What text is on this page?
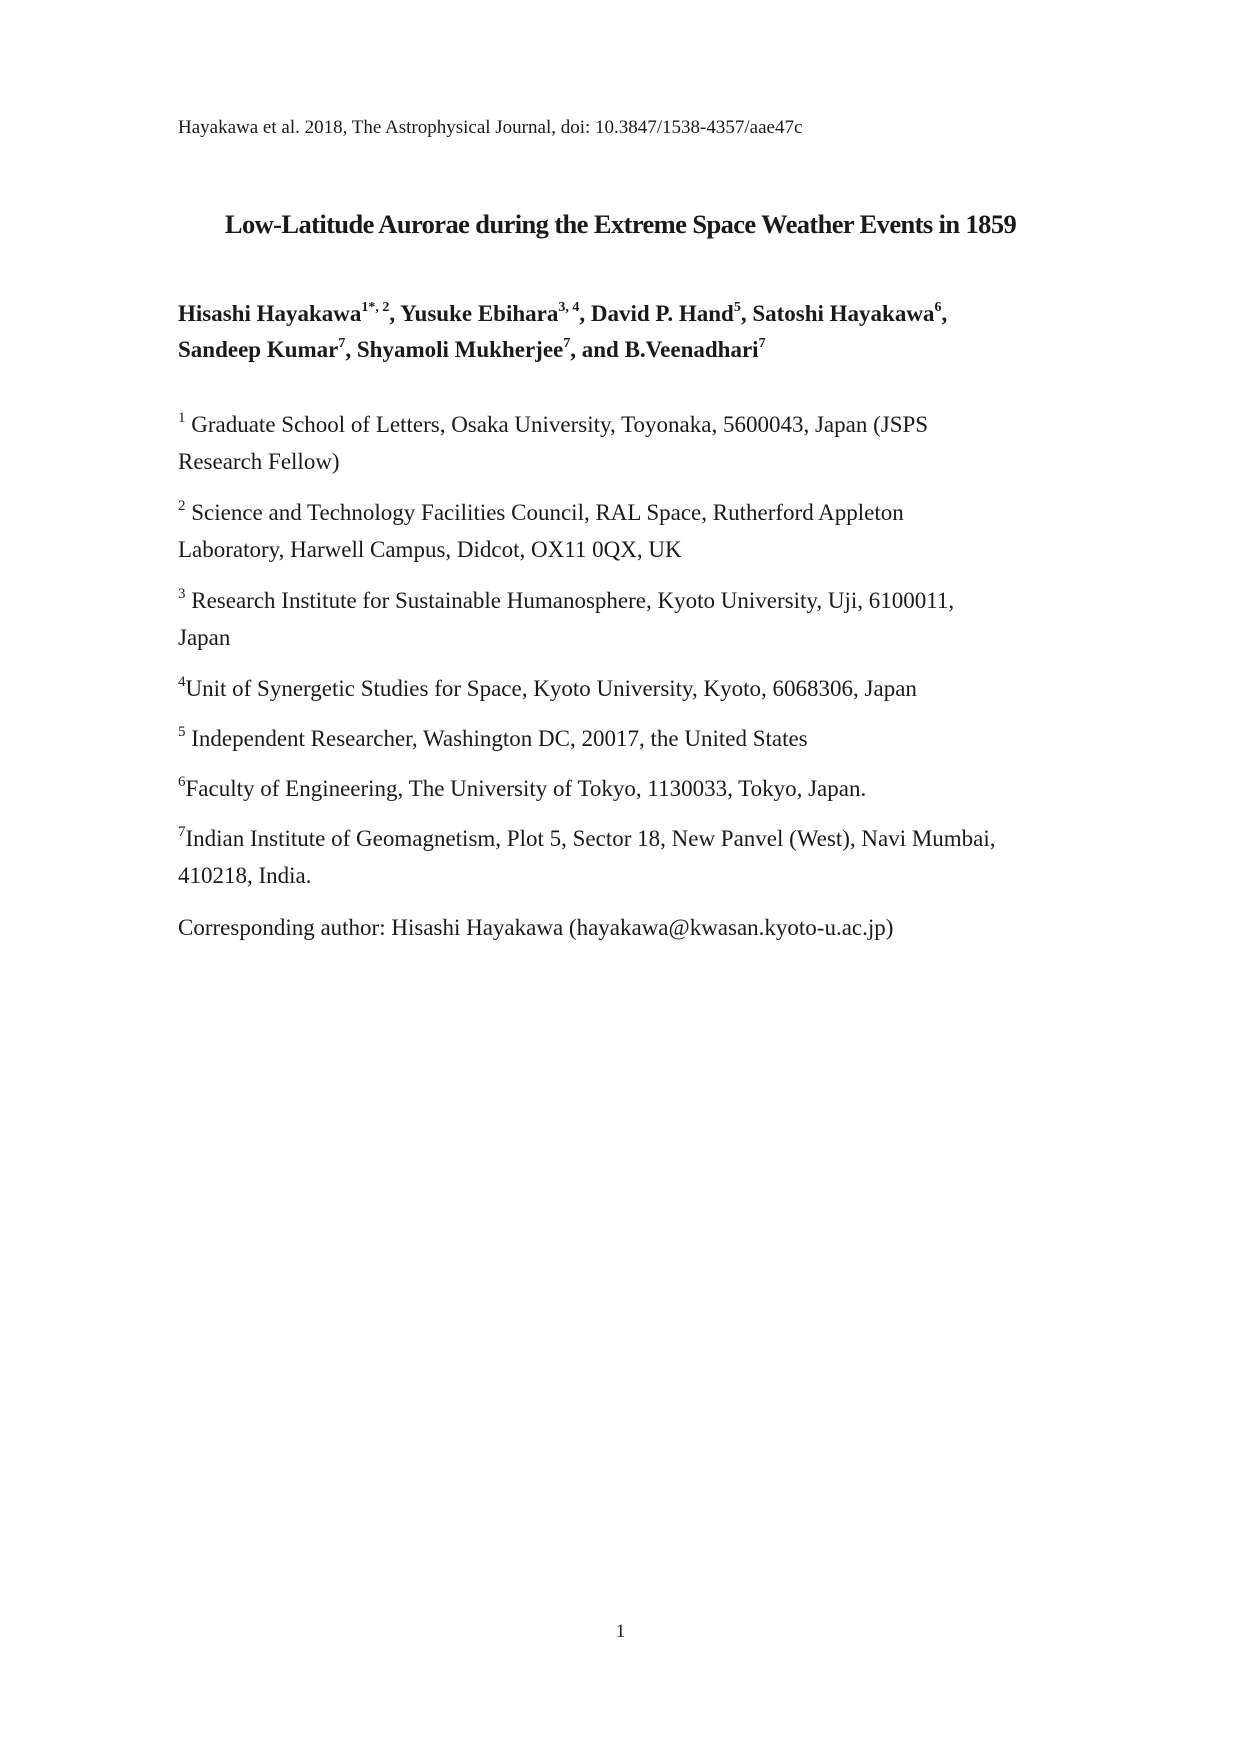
Hayakawa et al. 2018, The Astrophysical Journal, doi: 10.3847/1538-4357/aae47c
Low-Latitude Aurorae during the Extreme Space Weather Events in 1859
Hisashi Hayakawa$^{1*, 2}$, Yusuke Ebihara$^{3, 4}$, David P. Hand$^5$, Satoshi Hayakawa$^6$,
Sandeep Kumar$^7$, Shyamoli Mukherjee$^7$, and B.Veenadhari$^7$
$^1$ Graduate School of Letters, Osaka University, Toyonaka, 5600043, Japan (JSPS
Research Fellow)
$^2$ Science and Technology Facilities Council, RAL Space, Rutherford Appleton
Laboratory, Harwell Campus, Didcot, OX11 0QX, UK
$^3$ Research Institute for Sustainable Humanosphere, Kyoto University, Uji, 6100011,
Japan
$^4$Unit of Synergetic Studies for Space, Kyoto University, Kyoto, 6068306, Japan
$^5$ Independent Researcher, Washington DC, 20017, the United States
$^6$Faculty of Engineering, The University of Tokyo, 1130033, Tokyo, Japan.
$^7$Indian Institute of Geomagnetism, Plot 5, Sector 18, New Panvel (West), Navi Mumbai,
410218, India.
Corresponding author: Hisashi Hayakawa (hayakawa@kwasan.kyoto-u.ac.jp)
1
